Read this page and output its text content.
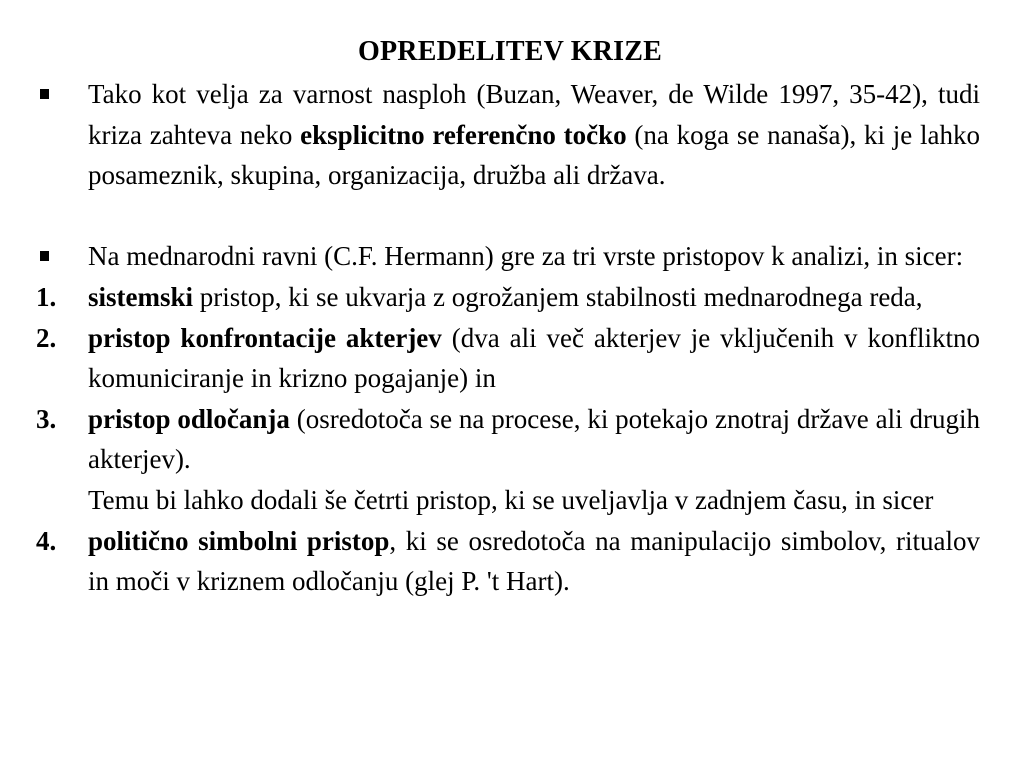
OPREDELITEV KRIZE

Tako kot velja za varnost nasploh (Buzan, Weaver, de Wilde 1997, 35-42), tudi kriza zahteva neko eksplicitno referenčno točko (na koga se nanaša), ki je lahko posameznik, skupina, organizacija, družba ali država.

Na mednarodni ravni (C.F. Hermann) gre za tri vrste pristopov k analizi, in sicer:

1. sistemski pristop, ki se ukvarja z ogrožanjem stabilnosti mednarodnega reda,

2. pristop konfrontacije akterjev (dva ali več akterjev je vključenih v konfliktno komuniciranje in krizno pogajanje) in

3. pristop odločanja (osredotoča se na procese, ki potekajo znotraj države ali drugih akterjev).

Temu bi lahko dodali še četrti pristop, ki se uveljavlja v zadnjem času, in sicer

4. politično simbolni pristop, ki se osredotoča na manipulacijo simbolov, ritualov in moči v kriznem odločanju (glej P. 't Hart).
